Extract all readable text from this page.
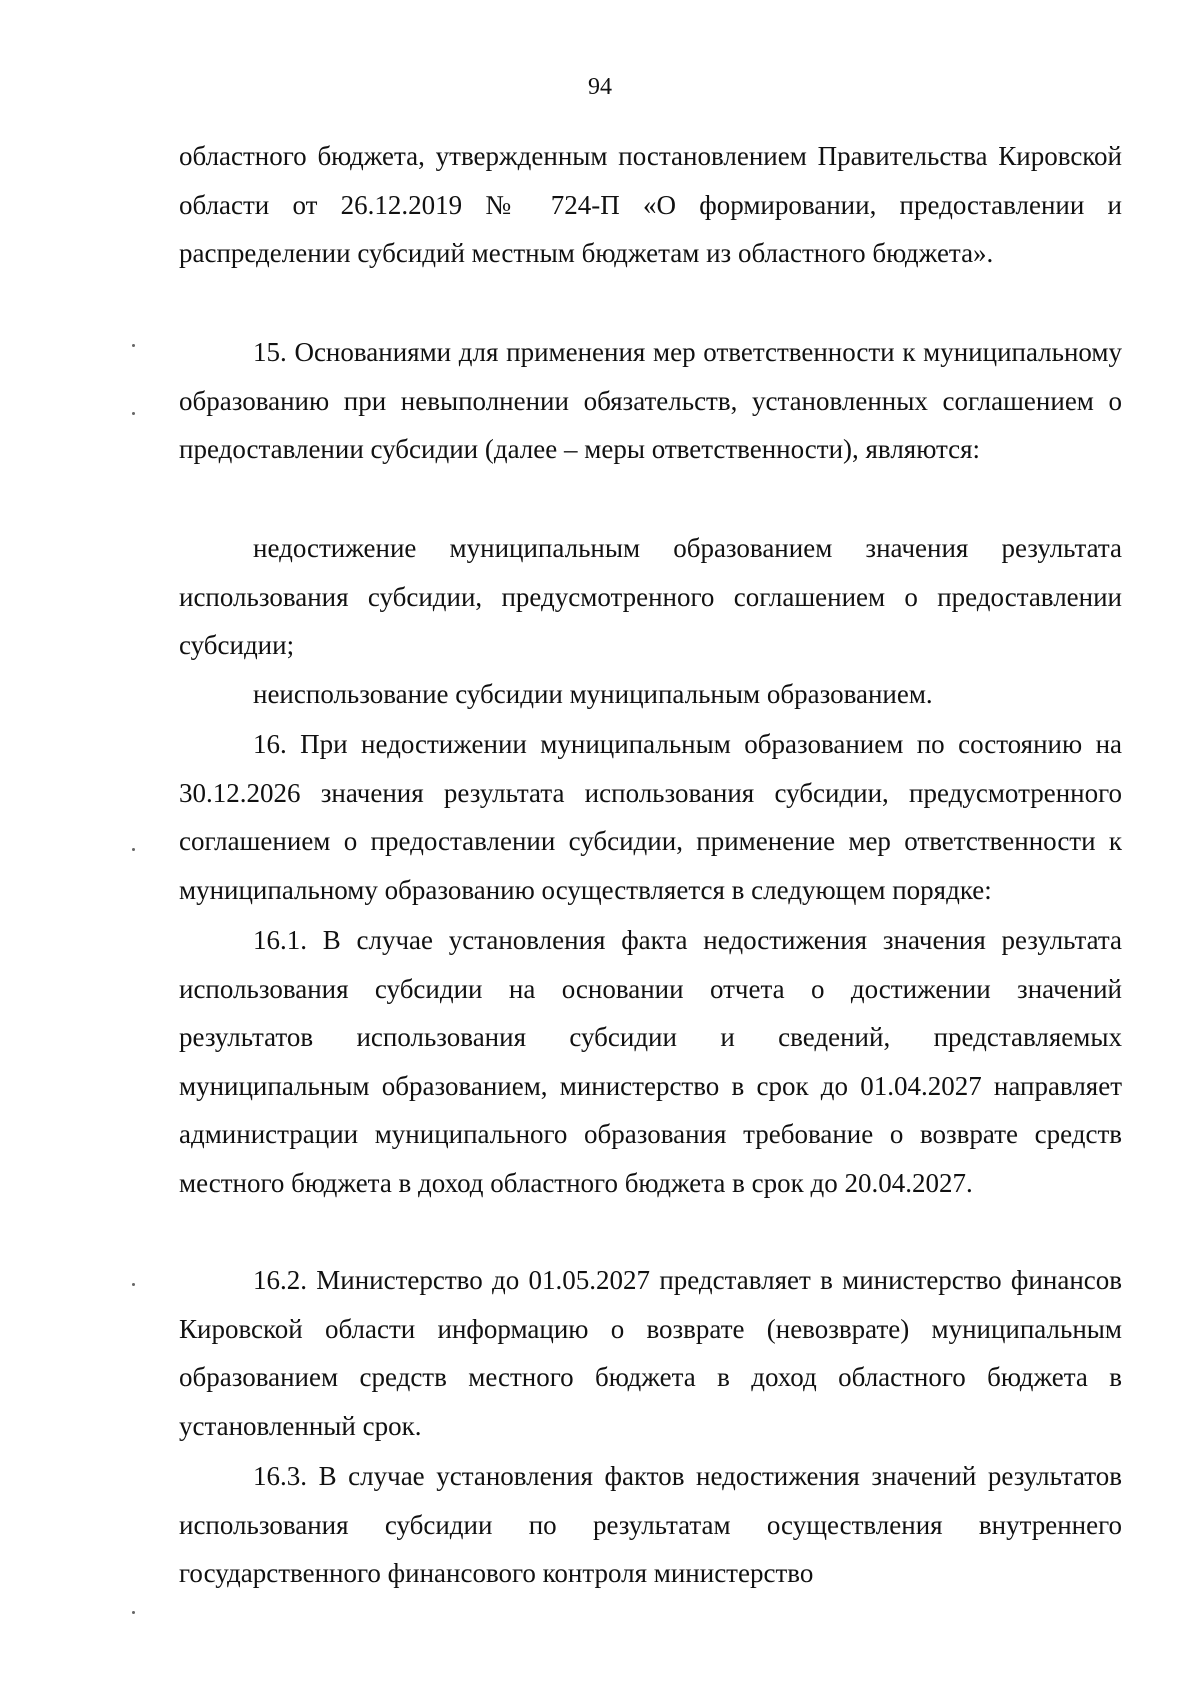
94
областного бюджета, утвержденным постановлением Правительства Кировской области от 26.12.2019 № 724-П «О формировании, предоставлении и распределении субсидий местным бюджетам из областного бюджета».
15. Основаниями для применения мер ответственности к муниципальному образованию при невыполнении обязательств, установленных соглашением о предоставлении субсидии (далее – меры ответственности), являются:
недостижение муниципальным образованием значения результата использования субсидии, предусмотренного соглашением о предоставлении субсидии;
неиспользование субсидии муниципальным образованием.
16. При недостижении муниципальным образованием по состоянию на 30.12.2026 значения результата использования субсидии, предусмотренного соглашением о предоставлении субсидии, применение мер ответственности к муниципальному образованию осуществляется в следующем порядке:
16.1. В случае установления факта недостижения значения результата использования субсидии на основании отчета о достижении значений результатов использования субсидии и сведений, представляемых муниципальным образованием, министерство в срок до 01.04.2027 направляет администрации муниципального образования требование о возврате средств местного бюджета в доход областного бюджета в срок до 20.04.2027.
16.2. Министерство до 01.05.2027 представляет в министерство финансов Кировской области информацию о возврате (невозврате) муниципальным образованием средств местного бюджета в доход областного бюджета в установленный срок.
16.3. В случае установления фактов недостижения значений результатов использования субсидии по результатам осуществления внутреннего государственного финансового контроля министерство
